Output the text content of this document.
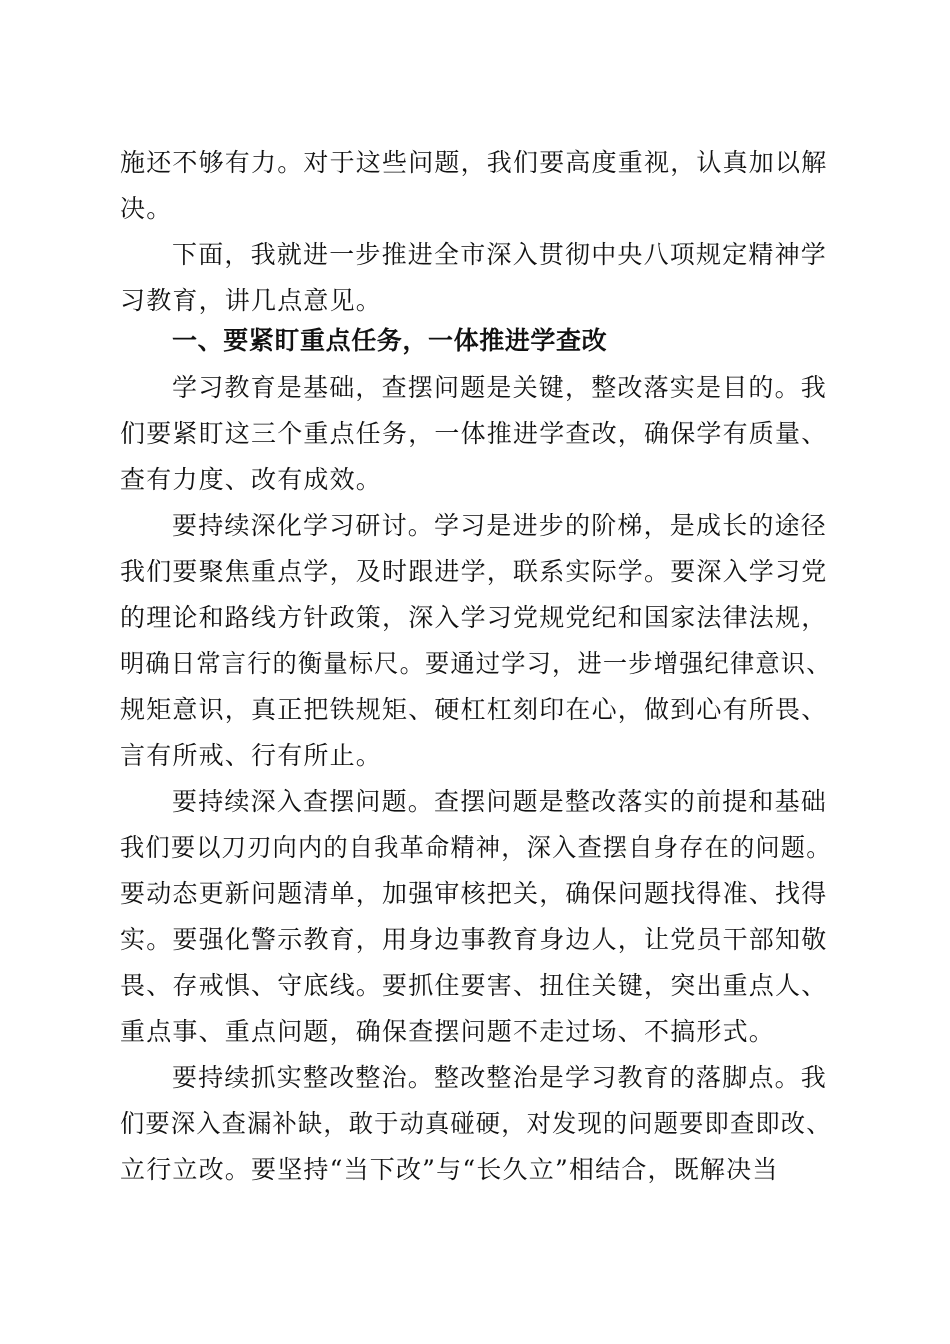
施还不够有力。对于这些问题，我们要高度重视，认真加以解
决。
下面，我就进一步推进全市深入贯彻中央八项规定精神学
习教育，讲几点意见。
一、要紧盯重点任务，一体推进学查改
学习教育是基础，查摆问题是关键，整改落实是目的。我
们要紧盯这三个重点任务，一体推进学查改，确保学有质量、
查有力度、改有成效。
要持续深化学习研讨。学习是进步的阶梯，是成长的途径
我们要聚焦重点学，及时跟进学，联系实际学。要深入学习党
的理论和路线方针政策，深入学习党规党纪和国家法律法规，
明确日常言行的衡量标尺。要通过学习，进一步增强纪律意识、
规矩意识，真正把铁规矩、硬杠杠刻印在心，做到心有所畏、
言有所戒、行有所止。
要持续深入查摆问题。查摆问题是整改落实的前提和基础
我们要以刀刃向内的自我革命精神，深入查摆自身存在的问题。
要动态更新问题清单，加强审核把关，确保问题找得准、找得
实。要强化警示教育，用身边事教育身边人，让党员干部知敬
畏、存戒惧、守底线。要抓住要害、扭住关键，突出重点人、
重点事、重点问题，确保查摆问题不走过场、不搞形式。
要持续抓实整改整治。整改整治是学习教育的落脚点。我
们要深入查漏补缺，敢于动真碰硬，对发现的问题要即查即改、
立行立改。要坚持“当下改”与“长久立”相结合，既解决当
